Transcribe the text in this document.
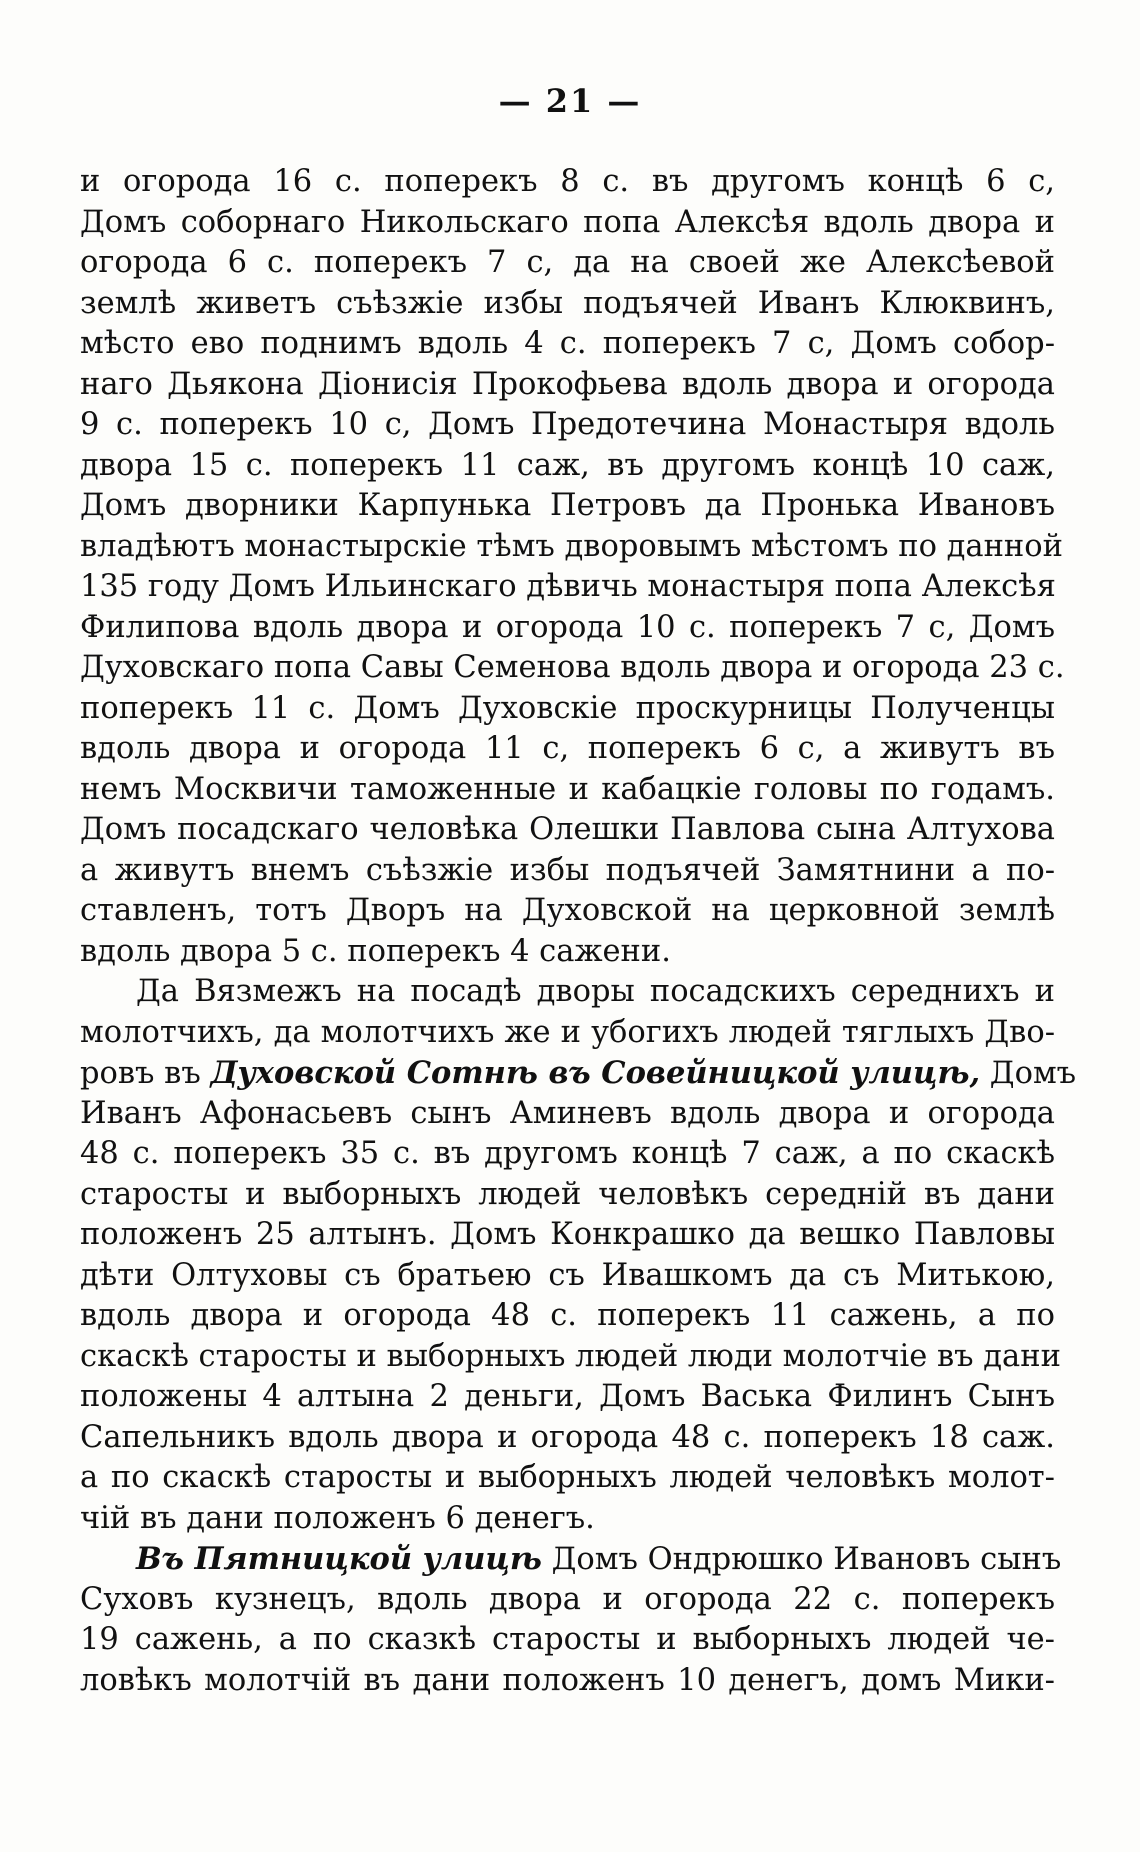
— 21 —
и огорода 16 с. поперекъ 8 с. въ другомъ концѣ 6 с,
Домъ соборнаго Никольскаго попа Алексѣя вдоль двора и
огорода 6 с. поперекъ 7 с, да на своей же Алексѣевой
землѣ живетъ съѣзжіе избы подъячей Иванъ Клюквинъ,
мѣсто ево поднимъ вдоль 4 с. поперекъ 7 с, Домъ собор-
наго Дьякона Діонисія Прокофьева вдоль двора и огорода
9 с. поперекъ 10 с, Домъ Предотечина Монастыря вдоль
двора 15 с. поперекъ 11 саж, въ другомъ концѣ 10 саж,
Домъ дворники Карпунька Петровъ да Пронька Ивановъ
владѣютъ монастырскіе тѣмъ дворовымъ мѣстомъ по данной
135 году Домъ Ильинскаго дѣвичь монастыря попа Алексѣя
Филипова вдоль двора и огорода 10 с. поперекъ 7 с, Домъ
Духовскаго попа Савы Семенова вдоль двора и огорода 23 с.
поперекъ 11 с. Домъ Духовскіе проскурницы Полученцы
вдоль двора и огорода 11 с, поперекъ 6 с, а живутъ въ
немъ Москвичи таможенные и кабацкіе головы по годамъ.
Домъ посадскаго человѣка Олешки Павлова сына Алтухова
а живутъ внемъ съѣзжіе избы подъячей Замятнини а по-
ставленъ, тотъ Дворъ на Духовской на церковной землѣ
вдоль двора 5 с. поперекъ 4 сажени.
Да Вязмежъ на посадѣ дворы посадскихъ середнихъ и
молотчихъ, да молотчихъ же и убогихъ людей тяглыхъ Дво-
ровъ въ Духовской Сотнѣ въ Совейницкой улицѣ, Домъ
Иванъ Афонасьевъ сынъ Аминевъ вдоль двора и огорода
48 с. поперекъ 35 с. въ другомъ концѣ 7 саж, а по скаскѣ
старосты и выборныхъ людей человѣкъ середній въ дани
положенъ 25 алтынъ. Домъ Конкрашко да вешко Павловы
дѣти Олтуховы съ братьею съ Ивашкомъ да съ Митькою,
вдоль двора и огорода 48 с. поперекъ 11 сажень, а по
скаскѣ старосты и выборныхъ людей люди молотчіе въ дани
положены 4 алтына 2 деньги, Домъ Васька Филинъ Сынъ
Сапельникъ вдоль двора и огорода 48 с. поперекъ 18 саж.
а по скаскѣ старосты и выборныхъ людей человѣкъ молот-
чій въ дани положенъ 6 денегъ.
Въ Пятницкой улицѣ Домъ Ондрюшко Ивановъ сынъ
Суховъ кузнецъ, вдоль двора и огорода 22 с. поперекъ
19 сажень, а по сказкѣ старосты и выборныхъ людей че-
ловѣкъ молотчій въ дани положенъ 10 денегъ, домъ Мики-
